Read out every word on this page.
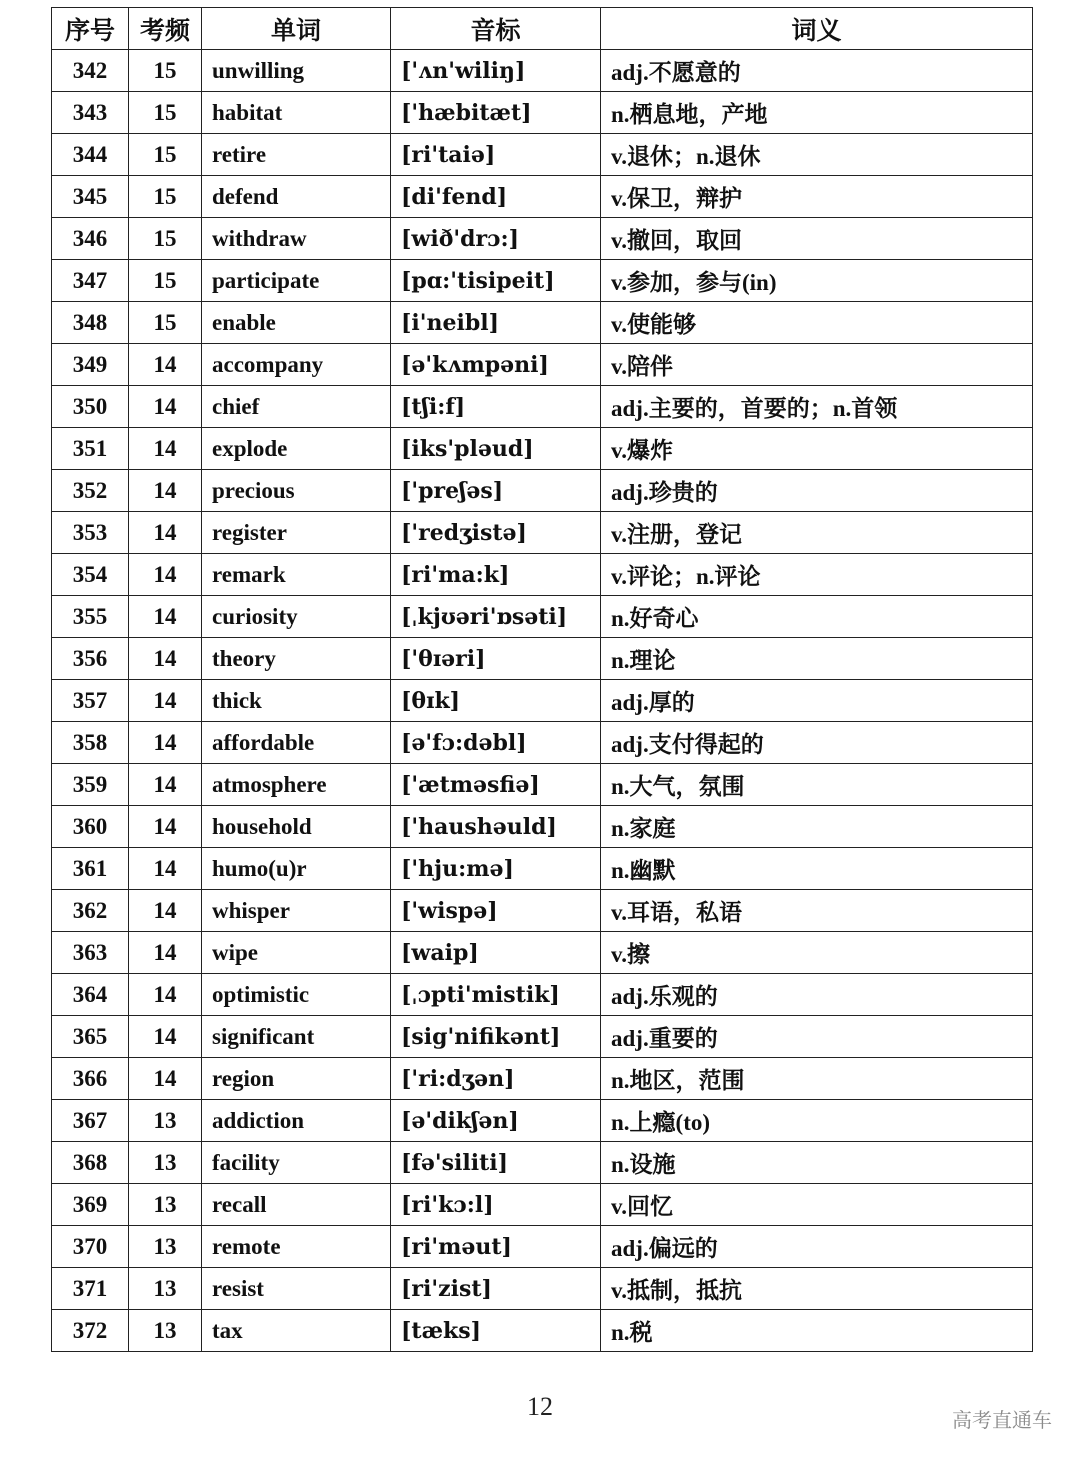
序号	考频	单词	音标	词义
342	15	unwilling	['ʌn'wiliŋ]	adj.不愿意的
343	15	habitat	['hæbitæt]	n.栖息地，产地
344	15	retire	[ri'taiə]	v.退休；n.退休
345	15	defend	[di'fend]	v.保卫，辩护
346	15	withdraw	[wið'drɔ:]	v.撤回，取回
347	15	participate	[pɑ:'tisipeit]	v.参加，参与(in)
348	15	enable	[i'neibl]	v.使能够
349	14	accompany	[ə'kʌmpəni]	v.陪伴
350	14	chief	[tʃi:f]	adj.主要的，首要的；n.首领
351	14	explode	[iks'pləud]	v.爆炸
352	14	precious	['preʃəs]	adj.珍贵的
353	14	register	['redʒistə]	v.注册，登记
354	14	remark	[ri'ma:k]	v.评论；n.评论
355	14	curiosity	[ˌkjʊəri'ɒsəti]	n.好奇心
356	14	theory	['θɪəri]	n.理论
357	14	thick	[θɪk]	adj.厚的
358	14	affordable	[ə'fɔ:dəbl]	adj.支付得起的
359	14	atmosphere	['ætməsfiə]	n.大气，氛围
360	14	household	['haushəuld]	n.家庭
361	14	humo(u)r	['hju:mə]	n.幽默
362	14	whisper	['wispə]	v.耳语，私语
363	14	wipe	[waip]	v.擦
364	14	optimistic	[ˌɔpti'mistik]	adj.乐观的
365	14	significant	[sig'nifikənt]	adj.重要的
366	14	region	['ri:dʒən]	n.地区，范围
367	13	addiction	[ə'dikʃən]	n.上瘾(to)
368	13	facility	[fə'siliti]	n.设施
369	13	recall	[ri'kɔ:l]	v.回忆
370	13	remote	[ri'məut]	adj.偏远的
371	13	resist	[ri'zist]	v.抵制，抵抗
372	13	tax	[tæks]	n.税
12	高考直通车
